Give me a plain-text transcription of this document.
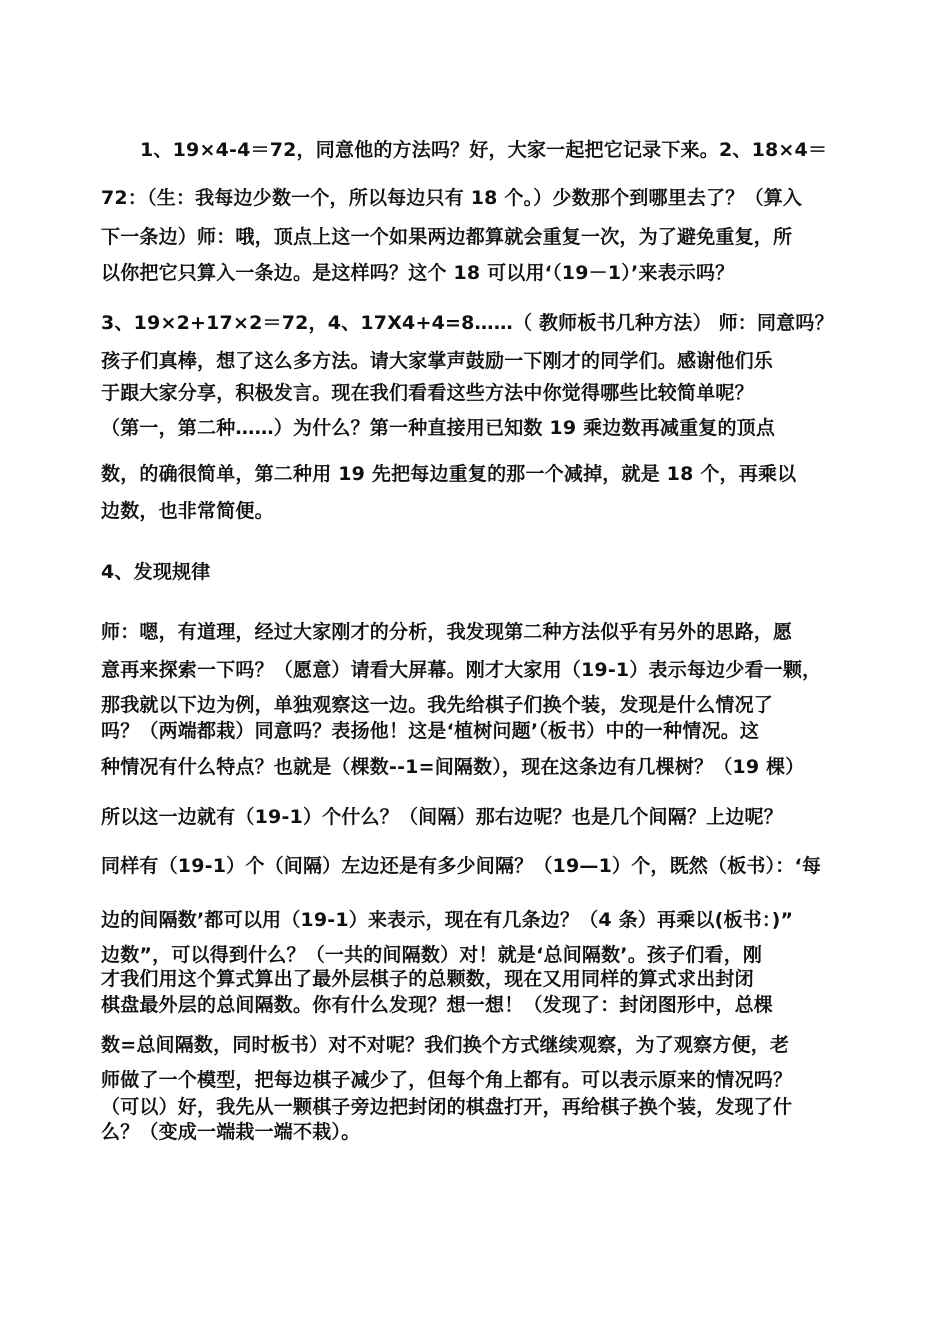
1、19×4-4＝72，同意他的方法吗？好，大家一起把它记录下来。2、18×4＝
72：（生：我每边少数一个，所以每边只有 18 个。）少数那个到哪里去了？（算入
下一条边）师：哦，顶点上这一个如果两边都算就会重复一次，为了避免重复，所
以你把它只算入一条边。是这样吗？这个 18 可以用‘（19－1）’来表示吗？
3、19×2+17×2＝72，4、17X4+4=8……（ 教师板书几种方法） 师：同意吗？
孩子们真棒，想了这么多方法。请大家掌声鼓励一下刚才的同学们。感谢他们乐
于跟大家分享，积极发言。现在我们看看这些方法中你觉得哪些比较简单呢？
（第一，第二种……）为什么？第一种直接用已知数 19 乘边数再减重复的顶点
数，的确很简单，第二种用 19 先把每边重复的那一个减掉，就是 18 个，再乘以
边数，也非常简便。
4、发现规律
师：嗯，有道理，经过大家刚才的分析，我发现第二种方法似乎有另外的思路，愿
意再来探索一下吗？（愿意）请看大屏幕。刚才大家用（19-1）表示每边少看一颗，
那我就以下边为例，单独观察这一边。我先给棋子们换个装，发现是什么情况了
吗？（两端都栽）同意吗？表扬他！这是‘植树问题’（板书）中的一种情况。这
种情况有什么特点？也就是（棵数--1=间隔数），现在这条边有几棵树？（19 棵）
所以这一边就有（19-1）个什么？（间隔）那右边呢？也是几个间隔？上边呢？
同样有（19-1）个（间隔）左边还是有多少间隔？（19—1）个，既然（板书）：‘每
边的间隔数’都可以用（19-1）来表示，现在有几条边？（4 条）再乘以(板书：)”
边数”，可以得到什么？（一共的间隔数）对！就是‘总间隔数’。孩子们看，刚
才我们用这个算式算出了最外层棋子的总颗数，现在又用同样的算式求出封闭
棋盘最外层的总间隔数。你有什么发现？想一想！（发现了：封闭图形中，总棵
数=总间隔数，同时板书）对不对呢？我们换个方式继续观察，为了观察方便，老
师做了一个模型，把每边棋子减少了，但每个角上都有。可以表示原来的情况吗？
（可以）好，我先从一颗棋子旁边把封闭的棋盘打开，再给棋子换个装，发现了什
么？（变成一端栽一端不栽）。
